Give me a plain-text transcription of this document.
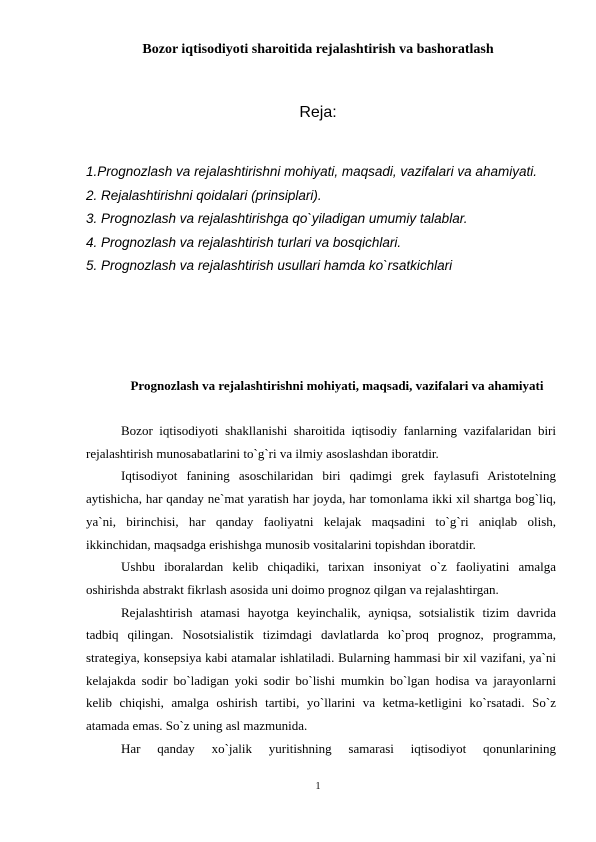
Bozor iqtisodiyoti sharoitida rejalashtirish va bashoratlash
Reja:
1.Prognozlash va rejalashtirishni mohiyati, maqsadi, vazifalari va ahamiyati.
2. Rejalashtirishni qoidalari (prinsiplari).
3. Prognozlash va rejalashtirishga qo`yiladigan umumiy talablar.
4. Prognozlash va rejalashtirish turlari va bosqichlari.
5. Prognozlash va rejalashtirish usullari hamda ko`rsatkichlari
Prognozlash va rejalashtirishni mohiyati, maqsadi, vazifalari va ahamiyati

Bozor iqtisodiyoti shakllanishi sharoitida iqtisodiy fanlarning vazifalaridan biri rejalashtirish munosabatlarini to`g`ri va ilmiy asoslashdan iboratdir.

Iqtisodiyot fanining asoschilaridan biri qadimgi grek faylasufi Aristotelning aytishicha, har qanday ne`mat yaratish har joyda, har tomonlama ikki xil shartga bog`liq, ya`ni, birinchisi, har qanday faoliyatni kelajak maqsadini to`g`ri aniqlab olish, ikkinchidan, maqsadga erishishga munosib vositalarini topishdan iboratdir.

Ushbu iboralardan kelib chiqadiki, tarixan insoniyat o`z faoliyatini amalga oshirishda abstrakt fikrlash asosida uni doimo prognoz qilgan va rejalashtirgan.

Rejalashtirish atamasi hayotga keyinchalik, ayniqsa, sotsialistik tizim davrida tadbiq qilingan. Nosotsialistik tizimdagi davlatlarda ko`proq prognoz, programma, strategiya, konsepsiya kabi atamalar ishlatiladi. Bularning hammasi bir xil vazifani, ya`ni kelajakda sodir bo`ladigan yoki sodir bo`lishi mumkin bo`lgan hodisa va jarayonlarni kelib chiqishi, amalga oshirish tartibi, yo`llarini va ketma-ketligini ko`rsatadi. So`z atamada emas. So`z uning asl mazmunida.

Har qanday xo`jalik yuritishning samarasi iqtisodiyot qonunlarining

1
